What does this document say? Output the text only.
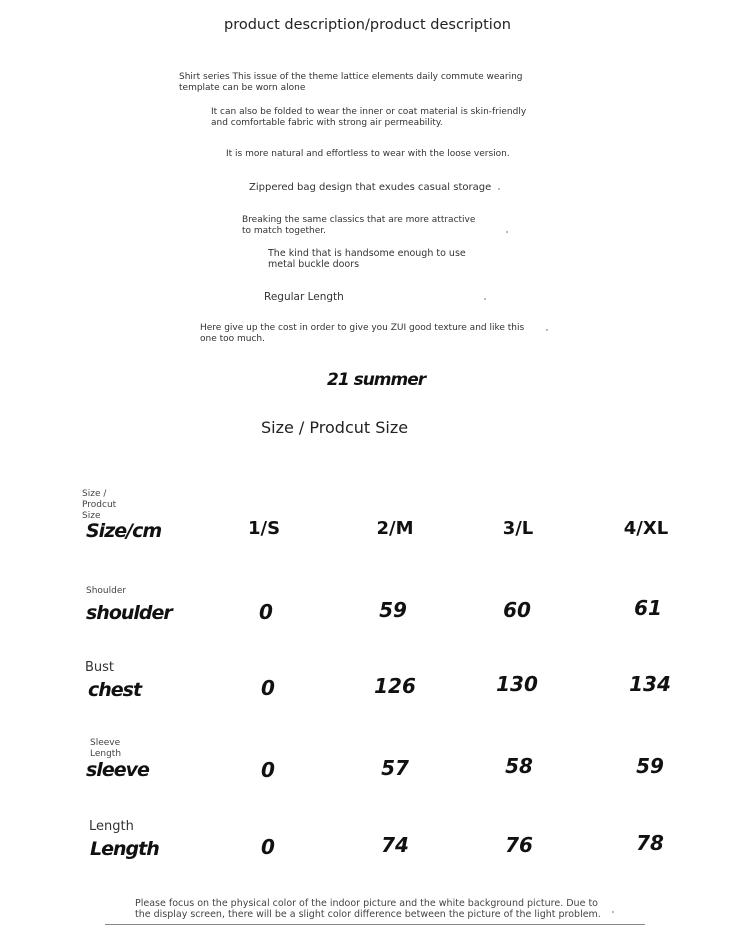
product description/product description
Shirt series This issue of the theme lattice elements daily commute wearing template can be worn alone
It can also be folded to wear the inner or coat material is skin-friendly and comfortable fabric with strong air permeability.
It is more natural and effortless to wear with the loose version.
Zippered bag design that exudes casual storage
Breaking the same classics that are more attractive to match together.
The kind that is handsome enough to use metal buckle doors
Regular Length
Here give up the cost in order to give you ZUI good texture and like this one too much.
21 summer
Size / Prodcut Size
Size / Prodcut Size
Size/cm	1/S	2/M	3/L	4/XL
Shoulder
shoulder	0	59	60	61
Bust
chest	0	126	130	134
Sleeve Length
sleeve	0	57	58	59
Length
Length	0	74	76	78
Please focus on the physical color of the indoor picture and the white background picture. Due to the display screen, there will be a slight color difference between the picture of the light problem.
